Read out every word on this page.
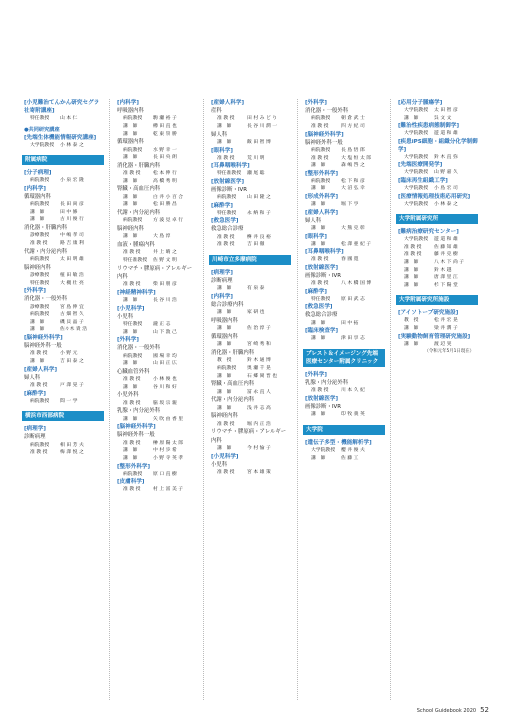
[小児難治てんかん研究セグラ社寄附講座]
特任教授 山 本 仁
●共同研究講座
[先端生体機能情報研究講座]
大学院教授 小 林 泰 之
附属病院
[分子病理]
病院教授 小 泉 宏 隆
[内科学]
循環器内科
病院教授 長 田 尚 彦
講　師	田 中 修
講　師	古 川 俊 行
消化器・肝臓内科
診療教授 中 嶋 孝 司
准 教 授	路 吉 康 利
代謝・内分泌内科
病院教授 太 田 明 雄
脳神経内科
診療教授 植 田 敏 浩
特任教授 大 槻 壮 亮
[外科学]
消化器・一般外科
診療教授 宮 島 伸 宜
病院教授 古 畑 智 久
講　師	磯 貝 晶 子
講　師	佐々木 貴 浩
[脳神経外科学]
脳神経外科一般
准 教 授	小 野 元
講　師	吉 田 泰 之
[産婦人科学]
婦人科
准 教 授	戸 澤 晃 子
[麻酔学]
病院教授 間 一 学
横浜市西部病院
[病理学]
診断病理
病院教授 相 田 芳 夫
准 教 授	梅 澤 悦 之
[内科学]
呼吸器内科
病院教授 駒 瀬 裕 子
講　師	樽 田 直 也
講　師	乾 東 崇 勝
循環器内科
病院教授 水 野 幸 一
講　師	長 田 央 朗
消化器・肝臓内科
准 教 授	松 本 伸 行
講　師	高 橋 秀 明
腎臓・高血圧内科
講　師	白 井 小 百 合
講　師	松 田 勝 昌
代謝・内分泌内科
病院教授 方 波 見 卓 行
脳神経内科
講　師	大 島 淳
血液・腫瘍内科
准 教 授	井 上 晴 之
特任准教授 佐 野 文 明
リウマチ・膠原病・アレルギー内科
准 教 授	柴 田 朋 彦
[神経精神科学]
講　師	長 谷 川 浩
[小児科学]
小児科
特任教授 瀧 正 志
講　師	山 下 敦 己
[外科学]
消化器・一般外科
病院教授 國 場 幸 均
講　師	山 田 正 広
心臓血管外科
准 教 授	小 林 俊 也
講　師	谷 川 和 好
小児外科
准 教 授	脇 坂 宗 親
乳腺・内分泌外科
講　師	矢 吹 由 香 里
[脳神経外科学]
脳神経外科一般
准 教 授	榊 原 陽 太 郎
講　師	中 村 歩 希
講　師	小 野 寺 英 孝
[整形外科学]
病院教授 原 口 直 樹
[皮膚科学]
准 教 授	村 上 富 美 子
[産婦人科学]
産科
准 教 授	田 村 み ど り
講　師	長 谷 川 潤 一
婦人科
講　師	飯 田 智 博
[眼科学]
准 教 授	荒 川 明
[耳鼻咽喉科学]
特任准教授 瀬 尾 聡
[放射線医学]
画像診断・IVR
病院教授 山 田 隆 之
[麻酔学]
特任教授 永 納 和 子
[救急医学]
救急総合診療
准 教 授	桝 井 良 裕
准 教 授	吉 田 徹
川崎市立多摩病院
[病理学]
診断病理
講　師	有 泉 泰
[内科学]
総合診療内科
講　師	家 研 也
呼吸器内科
講　師	佐 治 淳 子
循環器内科
講　師	宮 崎 秀 和
消化器・肝臓内科
教　授	鈴 木 通 博
病院教授 奥 瀬 千 晃
講　師	石 郷 岡 晋 也
腎臓・高血圧内科
講　師	冨 永 直 人
代謝・内分泌内科
講　師	浅 井 志 高
脳神経内科
准 教 授	堀 内 正 浩
リウマチ・膠原病・アレルギー内科
講　師	今 村 愉 子
[小児科学]
小児科
准 教 授	宮 本 雄 策
[外科学]
消化器・一般外科
病院教授 朝 倉 武 士
准 教 授	四 方 紀 司
[脳神経外科学]
脳神経外科一般
病院教授 長 島 悟 郎
准 教 授	大 塩 恒 太 郎
講　師	森 嶋 啓 之
[整形外科学]
病院教授 松 下 和 彦
講　師	大 沼 弘 幸
[形成外科学]
講　師	堀 下 亨
[産婦人科学]
婦人科
講　師	大 熊 克 彰
[眼科学]
講　師	松 澤 亜 紀 子
[耳鼻咽喉科学]
准 教 授	春 國 寛
[放射線医学]
画像診断・IVR
准 教 授	八 木 橋 国 博
[麻酔学]
特任教授 原 田 武 志
[救急医学]
救急総合診療
講　師	田 中 拓
[臨床検査学]
講　師	津 田 享 志
ブレスト＆イメージング先端医療センター附属クリニック
[外科学]
乳腺・内分泌外科
准 教 授	川 本 久 紀
[放射線医学]
画像診断・IVR
講　師	印 牧 義 英
大学院
[遺伝子多型・機能解析学]
大学院教授 櫻 井 俊 夫
講　師	佐 藤 工
[応用分子腫瘍学]
大学院教授 太 田 智 彦
講　師	呉 文 文
[難治性疾患病態制御学]
大学院教授 遊 道 和 雄
[疾患iPS細胞・組織分化学制御学]
大学院教授 鈴 木 直 弥
[先端医療開発学]
大学院教授 山 野 嘉 久
[臨床再生組織工学]
大学院教授 小 島 宏 司
[医療情報処理技術応用研究]
大学院教授 小 林 泰 之
大学附属研究所
[難病治療研究センター]
大学院教授 遊 道 和 雄
准 教 授	佐 藤 知 雄
准 教 授	藤 井 克 樹
講　師	八 木 下 尚 子
講　師	鈴 木 越
講　師	唐 澤 里 江
講　師	杉 下 陽 堂
大学附属研究所施設
[アイソトープ研究施設]
教　授	松 井 宏 晃
講　師	梁 井 潤 子
[実験動物飼育管理研究施設]
講　師	渡 辺 実
（令和元年5月1日現在）
School Guidebook 2020 52
